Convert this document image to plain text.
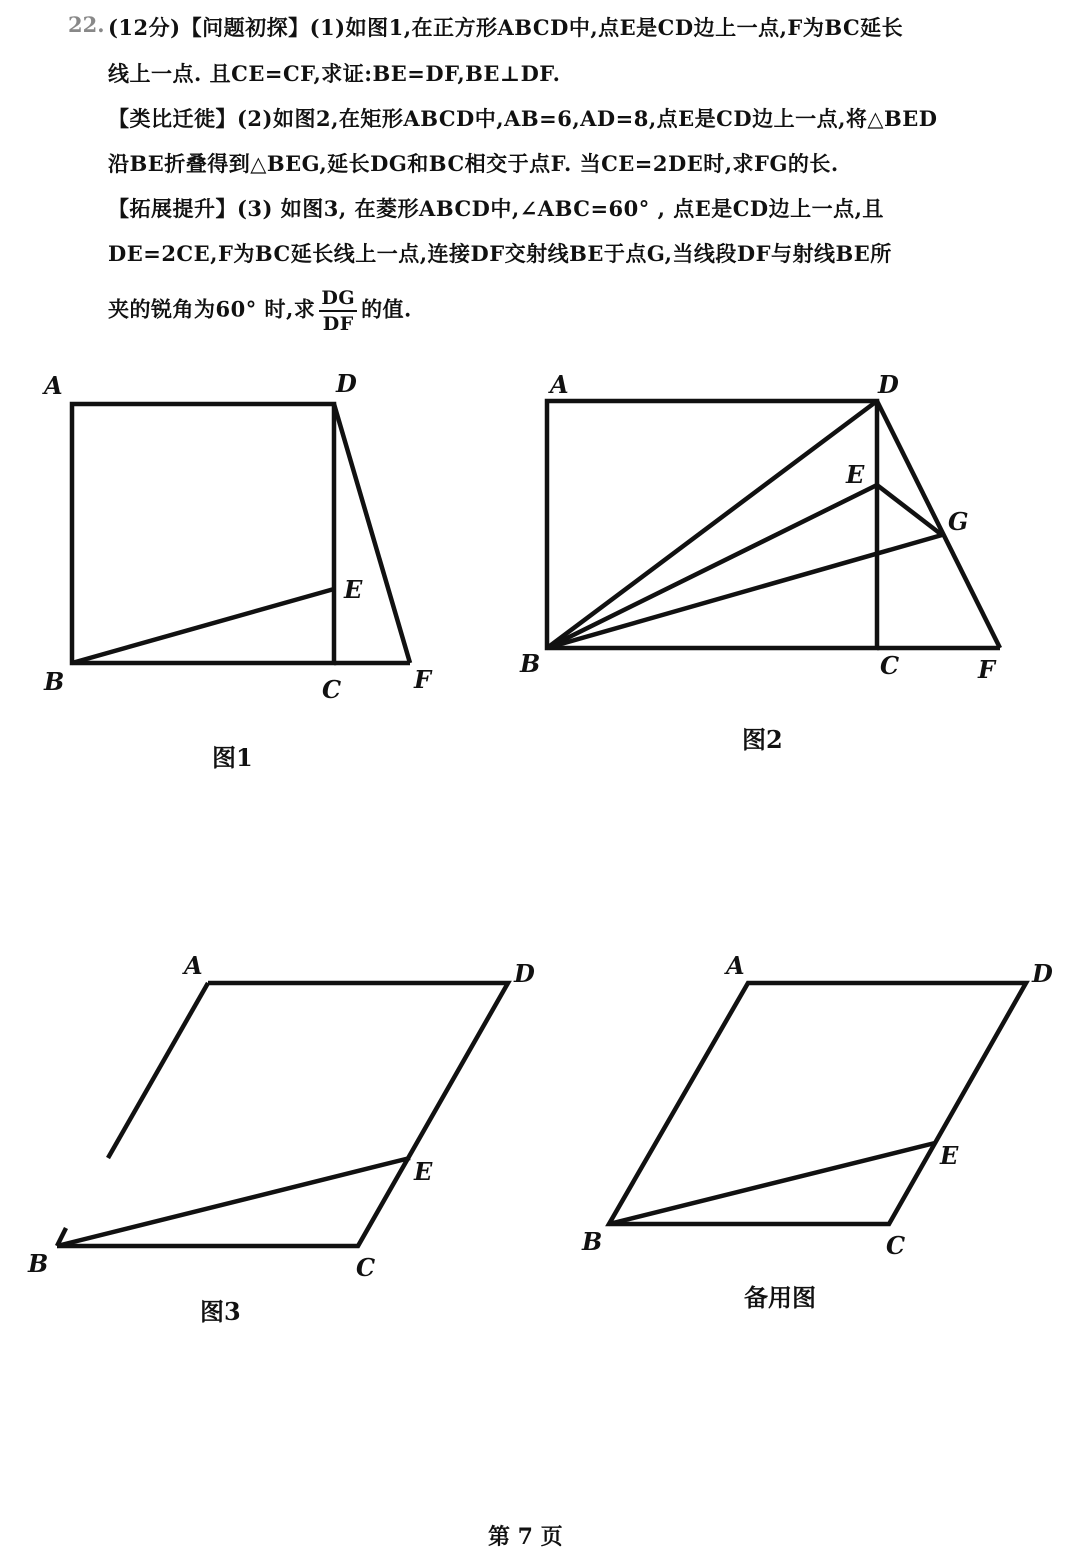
22. (12分)【问题初探】(1)如图1,在正方形ABCD中,点E是CD边上一点,F为BC延长
线上一点. 且CE=CF,求证:BE=DF,BE⊥DF.
【类比迁徙】(2)如图2,在矩形ABCD中,AB=6,AD=8,点E是CD边上一点,将△BED
沿BE折叠得到△BEG,延长DG和BC相交于点F. 当CE=2DE时,求FG的长.
【拓展提升】(3) 如图3, 在菱形ABCD中,∠ABC=60° , 点E是CD边上一点,且
DE=2CE,F为BC延长线上一点,连接DF交射线BE于点G,当线段DF与射线BE所
夹的锐角为60° 时,求 $\frac{DG}{DF}$ 的值.
A	D
E
B	C	F
图1
A	D
E
G
B	C	F
图2
A	D
E
B	C
图3
A	D
E
B	C
备用图
第 7 页
